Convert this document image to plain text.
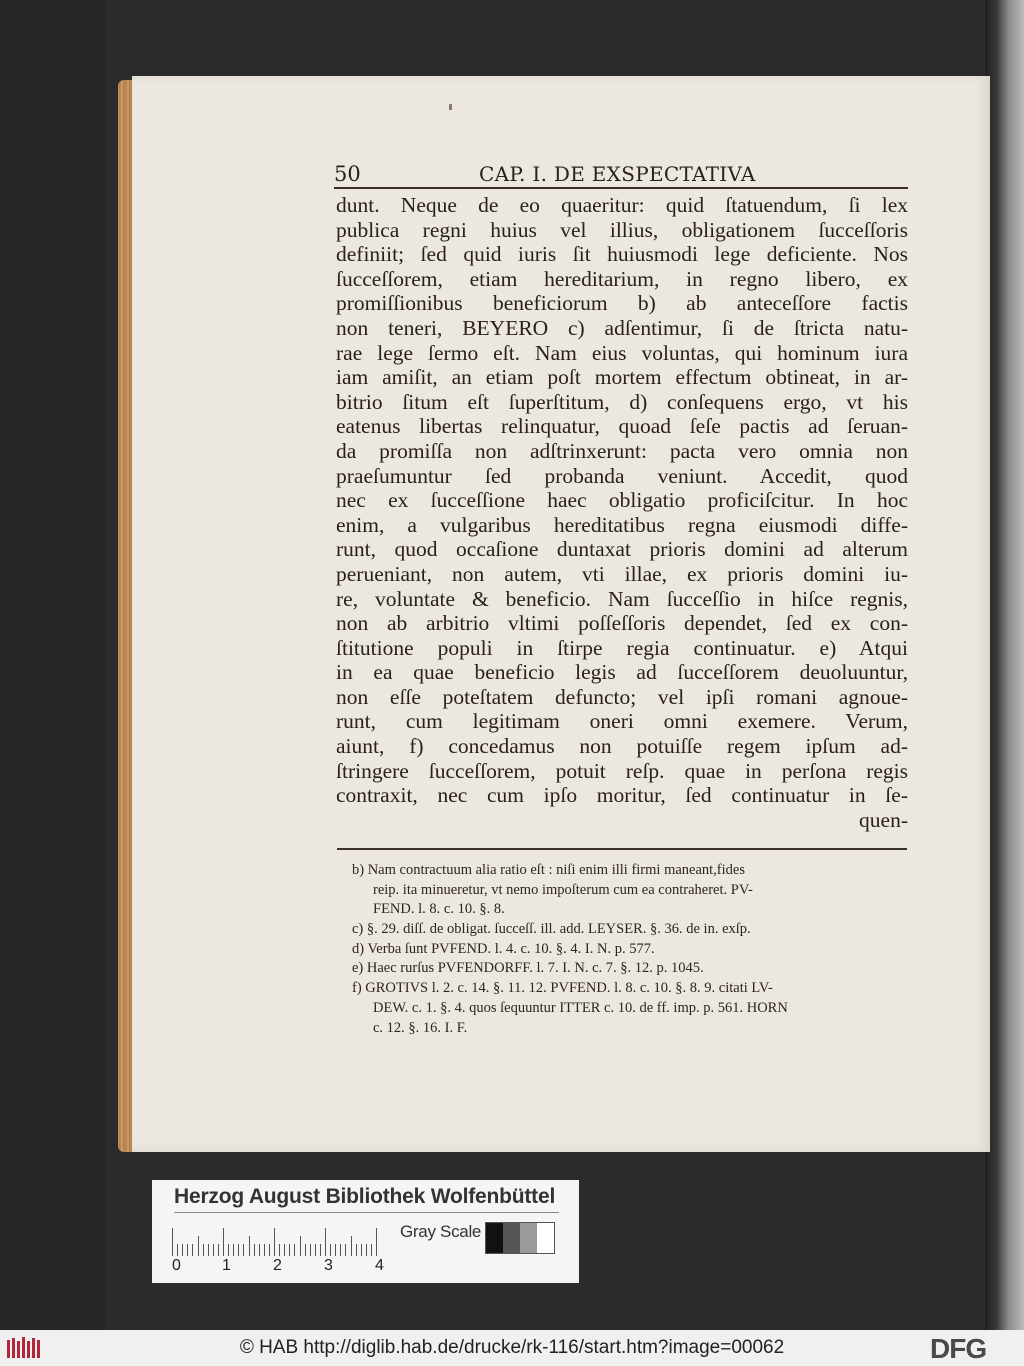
50	CAP. I. DE EXSPECTATIVA
dunt. Neque de eo quaeritur: quid ſtatuendum, ſi lex
publica regni huius vel illius, obligationem ſucceſſoris
definiit; ſed quid iuris ſit huiusmodi lege deficiente. Nos
ſucceſſorem, etiam hereditarium, in regno libero, ex
promiſſionibus beneficiorum b) ab anteceſſore factis
non teneri, BEYERO c) adſentimur, ſi de ſtricta natu-
rae lege ſermo eſt. Nam eius voluntas, qui hominum iura
iam amiſit, an etiam poſt mortem effectum obtineat, in ar-
bitrio ſitum eſt ſuperſtitum, d) conſequens ergo, vt his
eatenus libertas relinquatur, quoad ſeſe pactis ad ſeruan-
da promiſſa non adſtrinxerunt: pacta vero omnia non
praeſumuntur ſed probanda veniunt. Accedit, quod
nec ex ſucceſſione haec obligatio proficiſcitur. In hoc
enim, a vulgaribus hereditatibus regna eiusmodi diffe-
runt, quod occaſione duntaxat prioris domini ad alterum
perueniant, non autem, vti illae, ex prioris domini iu-
re, voluntate & beneficio. Nam ſucceſſio in hiſce regnis,
non ab arbitrio vltimi poſſeſſoris dependet, ſed ex con-
ſtitutione populi in ſtirpe regia continuatur. e) Atqui
in ea quae beneficio legis ad ſucceſſorem deuoluuntur,
non eſſe poteſtatem defuncto; vel ipſi romani agnoue-
runt, cum legitimam oneri omni exemere. Verum,
aiunt, f) concedamus non potuiſſe regem ipſum ad-
ſtringere ſucceſſorem, potuit reſp. quae in perſona regis
contraxit, nec cum ipſo moritur, ſed continuatur in ſe-
quen-
b) Nam contractuum alia ratio eſt : niſi enim illi firmi maneant,fides
reip. ita minueretur, vt nemo impoſterum cum ea contraheret. PV-
FEND. l. 8. c. 10. §. 8.
c) §. 29. diſſ. de obligat. ſucceſſ. ill. add. LEYSER. §. 36. de in. exſp.
d) Verba ſunt PVFEND. l. 4. c. 10. §. 4. I. N. p. 577.
e) Haec rurſus PVFENDORFF. l. 7. I. N. c. 7. §. 12. p. 1045.
f) GROTIVS l. 2. c. 14. §. 11. 12. PVFEND. l. 8. c. 10. §. 8. 9. citati LV-
DEW. c. 1. §. 4. quos ſequuntur ITTER c. 10. de ff. imp. p. 561. HORN
c. 12. §. 16. I. F.
Herzog August Bibliothek Wolfenbüttel
0	1	2	3	4
Gray Scale
© HAB http://diglib.hab.de/drucke/rk-116/start.htm?image=00062	DFG
